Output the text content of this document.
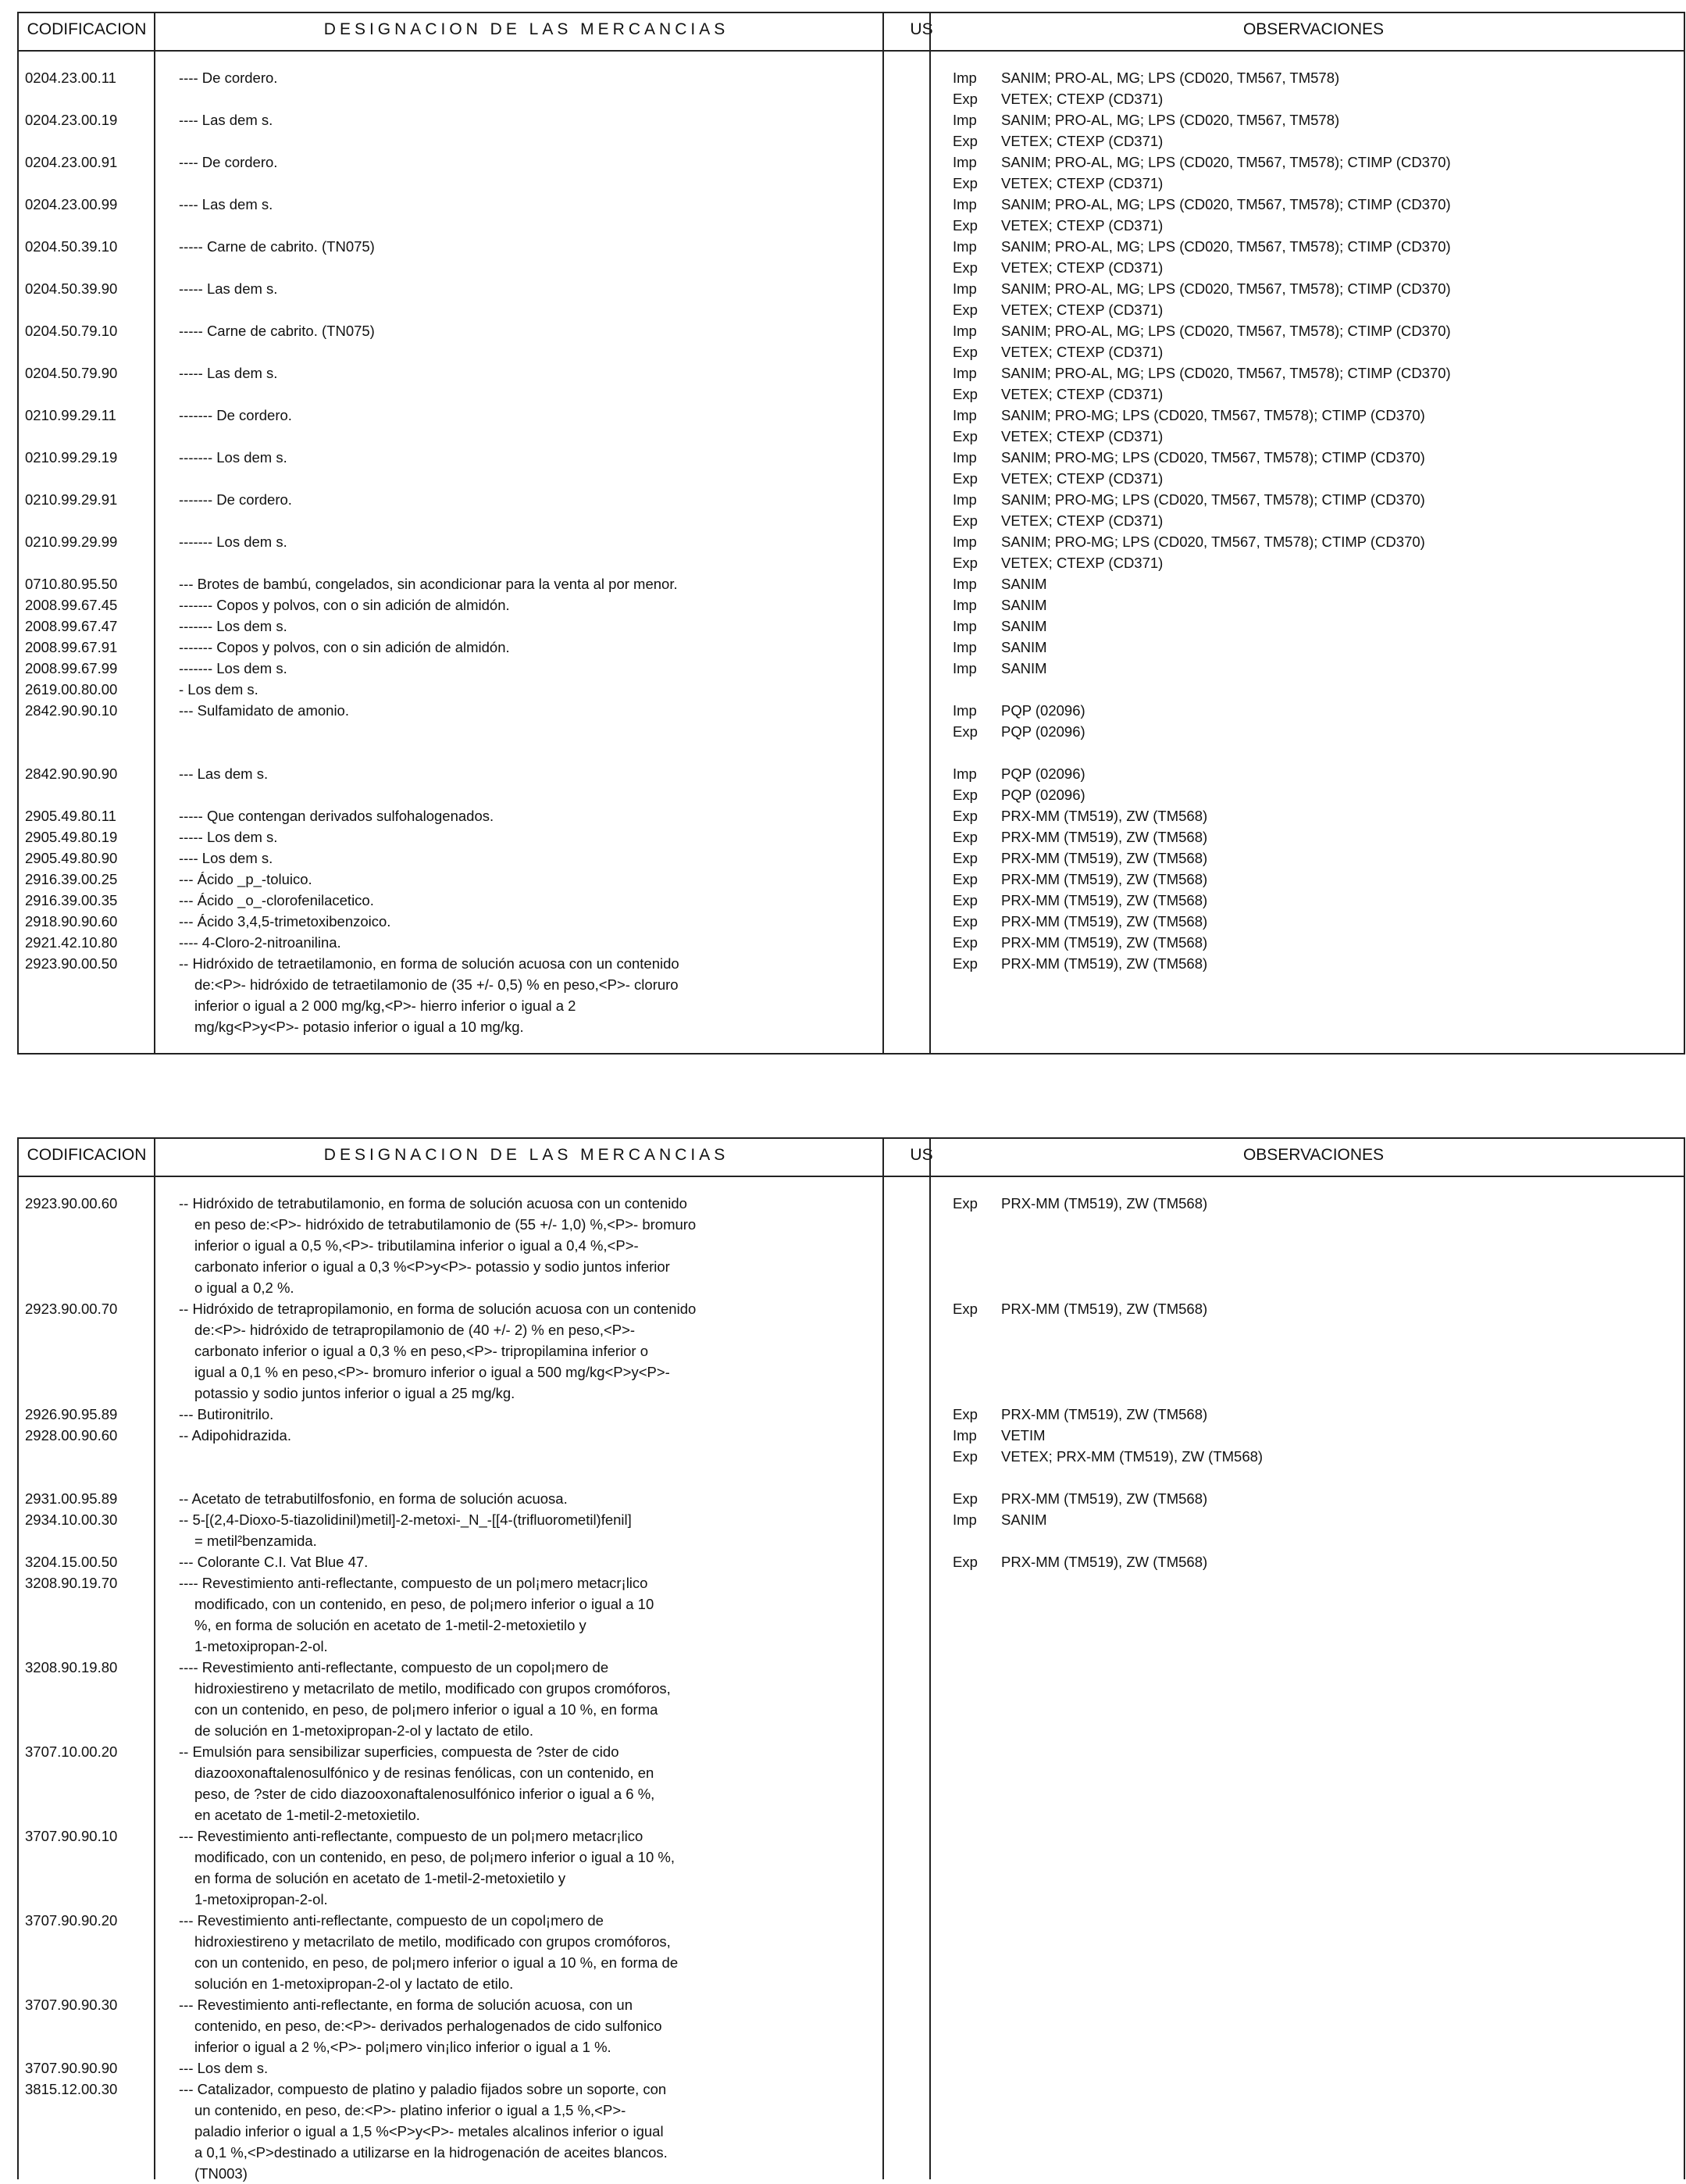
CODIFICACION	DESIGNACION DE LAS MERCANCIAS	US	OBSERVACIONES
0204.23.00.11	---- De cordero.	Imp	SANIM; PRO-AL, MG; LPS (CD020, TM567, TM578)
Exp	VETEX; CTEXP (CD371)
0204.23.00.19	---- Las dem s.	Imp	SANIM; PRO-AL, MG; LPS (CD020, TM567, TM578)
Exp	VETEX; CTEXP (CD371)
0204.23.00.91	---- De cordero.	Imp	SANIM; PRO-AL, MG; LPS (CD020, TM567, TM578); CTIMP (CD370)
Exp	VETEX; CTEXP (CD371)
0204.23.00.99	---- Las dem s.	Imp	SANIM; PRO-AL, MG; LPS (CD020, TM567, TM578); CTIMP (CD370)
Exp	VETEX; CTEXP (CD371)
0204.50.39.10	----- Carne de cabrito. (TN075)	Imp	SANIM; PRO-AL, MG; LPS (CD020, TM567, TM578); CTIMP (CD370)
Exp	VETEX; CTEXP (CD371)
0204.50.39.90	----- Las dem s.	Imp	SANIM; PRO-AL, MG; LPS (CD020, TM567, TM578); CTIMP (CD370)
Exp	VETEX; CTEXP (CD371)
0204.50.79.10	----- Carne de cabrito. (TN075)	Imp	SANIM; PRO-AL, MG; LPS (CD020, TM567, TM578); CTIMP (CD370)
Exp	VETEX; CTEXP (CD371)
0204.50.79.90	----- Las dem s.	Imp	SANIM; PRO-AL, MG; LPS (CD020, TM567, TM578); CTIMP (CD370)
Exp	VETEX; CTEXP (CD371)
0210.99.29.11	------- De cordero.	Imp	SANIM; PRO-MG; LPS (CD020, TM567, TM578); CTIMP (CD370)
Exp	VETEX; CTEXP (CD371)
0210.99.29.19	------- Los dem s.	Imp	SANIM; PRO-MG; LPS (CD020, TM567, TM578); CTIMP (CD370)
Exp	VETEX; CTEXP (CD371)
0210.99.29.91	------- De cordero.	Imp	SANIM; PRO-MG; LPS (CD020, TM567, TM578); CTIMP (CD370)
Exp	VETEX; CTEXP (CD371)
0210.99.29.99	------- Los dem s.	Imp	SANIM; PRO-MG; LPS (CD020, TM567, TM578); CTIMP (CD370)
Exp	VETEX; CTEXP (CD371)
0710.80.95.50	--- Brotes de bambú, congelados, sin acondicionar para la venta al por menor.	Imp	SANIM
2008.99.67.45	------- Copos y polvos, con o sin adición de almidón.	Imp	SANIM
2008.99.67.47	------- Los dem s.	Imp	SANIM
2008.99.67.91	------- Copos y polvos, con o sin adición de almidón.	Imp	SANIM
2008.99.67.99	------- Los dem s.	Imp	SANIM
2619.00.80.00	- Los dem s.
2842.90.90.10	--- Sulfamidato de amonio.	Imp	PQP (02096)
Exp	PQP (02096)
2842.90.90.90	--- Las dem s.	Imp	PQP (02096)
Exp	PQP (02096)
2905.49.80.11	----- Que contengan derivados sulfohalogenados.	Exp	PRX-MM (TM519), ZW (TM568)
2905.49.80.19	----- Los dem s.	Exp	PRX-MM (TM519), ZW (TM568)
2905.49.80.90	---- Los dem s.	Exp	PRX-MM (TM519), ZW (TM568)
2916.39.00.25	--- Ácido _p_-toluico.	Exp	PRX-MM (TM519), ZW (TM568)
2916.39.00.35	--- Ácido _o_-clorofenilacetico.	Exp	PRX-MM (TM519), ZW (TM568)
2918.90.90.60	--- Ácido 3,4,5-trimetoxibenzoico.	Exp	PRX-MM (TM519), ZW (TM568)
2921.42.10.80	---- 4-Cloro-2-nitroanilina.	Exp	PRX-MM (TM519), ZW (TM568)
2923.90.00.50	-- Hidróxido de tetraetilamonio, en forma de solución acuosa con un contenido
de:<P>- hidróxido de tetraetilamonio de (35 +/- 0,5) % en peso,<P>- cloruro
inferior o igual a 2 000 mg/kg,<P>- hierro inferior o igual a 2
mg/kg<P>y<P>- potasio inferior o igual a 10 mg/kg.
Exp	PRX-MM (TM519), ZW (TM568)
CODIFICACION	DESIGNACION DE LAS MERCANCIAS	US	OBSERVACIONES
2923.90.00.60	-- Hidróxido de tetrabutilamonio, en forma de solución acuosa con un contenido
en peso de:<P>- hidróxido de tetrabutilamonio de (55 +/- 1,0) %,<P>- bromuro
inferior o igual a 0,5 %,<P>- tributilamina inferior o igual a 0,4 %,<P>-
carbonato inferior o igual a 0,3 %<P>y<P>- potassio y sodio juntos inferior
o igual a 0,2 %.
Exp	PRX-MM (TM519), ZW (TM568)
2923.90.00.70	-- Hidróxido de tetrapropilamonio, en forma de solución acuosa con un contenido
de:<P>- hidróxido de tetrapropilamonio de (40 +/- 2) % en peso,<P>-
carbonato inferior o igual a 0,3 % en peso,<P>- tripropilamina inferior o
igual a 0,1 % en peso,<P>- bromuro inferior o igual a 500 mg/kg<P>y<P>-
potassio y sodio juntos inferior o igual a 25 mg/kg.
Exp	PRX-MM (TM519), ZW (TM568)
2926.90.95.89	--- Butironitrilo.	Exp	PRX-MM (TM519), ZW (TM568)
2928.00.90.60	-- Adipohidrazida.	Imp	VETIM
Exp	VETEX; PRX-MM (TM519), ZW (TM568)
2931.00.95.89	-- Acetato de tetrabutilfosfonio, en forma de solución acuosa.	Exp	PRX-MM (TM519), ZW (TM568)
2934.10.00.30	-- 5-[(2,4-Dioxo-5-tiazolidinil)metil]-2-metoxi-_N_-[[4-(trifluorometil)fenil]
= metil²benzamida.
Imp	SANIM
3204.15.00.50	--- Colorante C.I. Vat Blue 47.	Exp	PRX-MM (TM519), ZW (TM568)
3208.90.19.70	---- Revestimiento anti-reflectante, compuesto de un pol¡mero metacr¡lico
modificado, con un contenido, en peso, de pol¡mero inferior o igual a 10
%, en forma de solución en acetato de 1-metil-2-metoxietilo y
1-metoxipropan-2-ol.
3208.90.19.80	---- Revestimiento anti-reflectante, compuesto de un copol¡mero de
hidroxiestireno y metacrilato de metilo, modificado con grupos cromóforos,
con un contenido, en peso, de pol¡mero inferior o igual a 10 %, en forma
de solución en 1-metoxipropan-2-ol y lactato de etilo.
3707.10.00.20	-- Emulsión para sensibilizar superficies, compuesta de ?ster de cido
diazooxonaftalenosulfónico y de resinas fenólicas, con un contenido, en
peso, de ?ster de cido diazooxonaftalenosulfónico inferior o igual a 6 %,
en acetato de 1-metil-2-metoxietilo.
3707.90.90.10	--- Revestimiento anti-reflectante, compuesto de un pol¡mero metacr¡lico
modificado, con un contenido, en peso, de pol¡mero inferior o igual a 10 %,
en forma de solución en acetato de 1-metil-2-metoxietilo y
1-metoxipropan-2-ol.
3707.90.90.20	--- Revestimiento anti-reflectante, compuesto de un copol¡mero de
hidroxiestireno y metacrilato de metilo, modificado con grupos cromóforos,
con un contenido, en peso, de pol¡mero inferior o igual a 10 %, en forma de
solución en 1-metoxipropan-2-ol y lactato de etilo.
3707.90.90.30	--- Revestimiento anti-reflectante, en forma de solución acuosa, con un
contenido, en peso, de:<P>- derivados perhalogenados de cido sulfonico
inferior o igual a 2 %,<P>- pol¡mero vin¡lico inferior o igual a 1 %.
3707.90.90.90	--- Los dem s.
3815.12.00.30	--- Catalizador, compuesto de platino y paladio fijados sobre un soporte, con
un contenido, en peso, de:<P>- platino inferior o igual a 1,5 %,<P>-
paladio inferior o igual a 1,5 %<P>y<P>- metales alcalinos inferior o igual
a 0,1 %,<P>destinado a utilizarse en la hidrogenación de aceites blancos.
(TN003)
